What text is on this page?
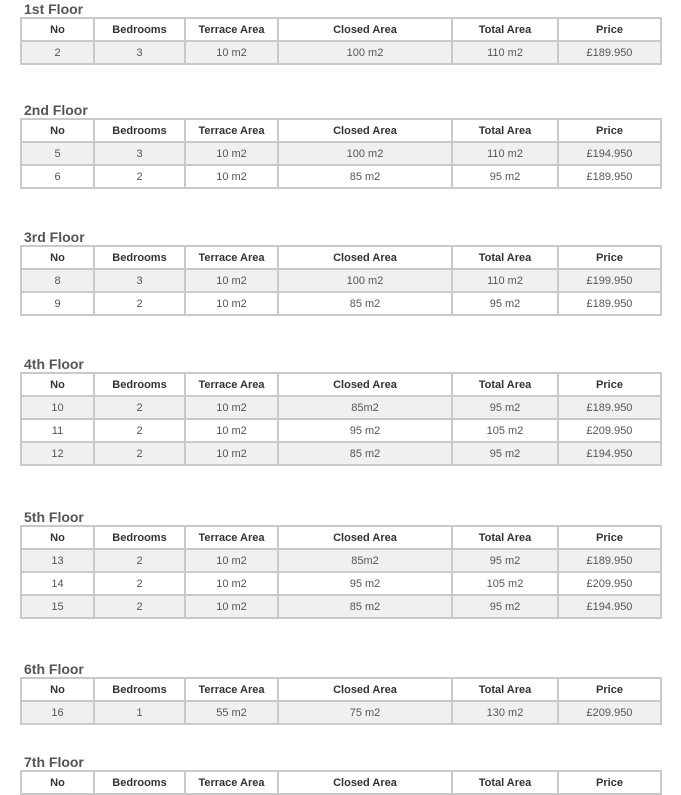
1st Floor
No	Bedrooms	Terrace Area	Closed Area	Total Area	Price
2	3	10 m2	100 m2	110 m2	£189.950
2nd Floor
No	Bedrooms	Terrace Area	Closed Area	Total Area	Price
5	3	10 m2	100 m2	110 m2	£194.950
6	2	10 m2	85 m2	95 m2	£189.950
3rd Floor
No	Bedrooms	Terrace Area	Closed Area	Total Area	Price
8	3	10 m2	100 m2	110 m2	£199.950
9	2	10 m2	85 m2	95 m2	£189.950
4th Floor
No	Bedrooms	Terrace Area	Closed Area	Total Area	Price
10	2	10 m2	85m2	95 m2	£189.950
11	2	10 m2	95 m2	105 m2	£209.950
12	2	10 m2	85 m2	95 m2	£194.950
5th Floor
No	Bedrooms	Terrace Area	Closed Area	Total Area	Price
13	2	10 m2	85m2	95 m2	£189.950
14	2	10 m2	95 m2	105 m2	£209.950
15	2	10 m2	85 m2	95 m2	£194.950
6th Floor
No	Bedrooms	Terrace Area	Closed Area	Total Area	Price
16	1	55 m2	75 m2	130 m2	£209.950
7th Floor
No	Bedrooms	Terrace Area	Closed Area	Total Area	Price
